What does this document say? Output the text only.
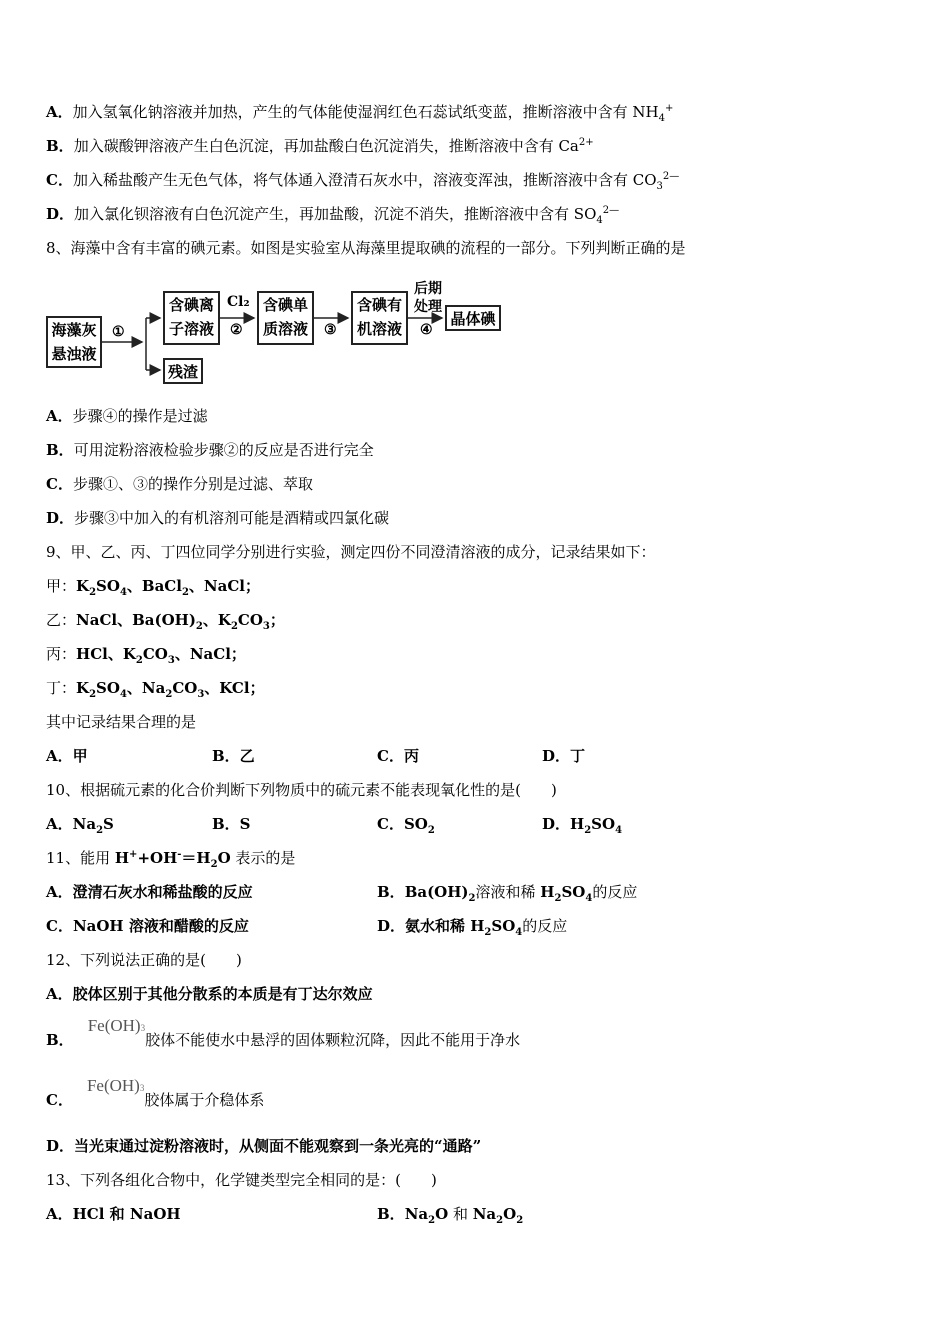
A．加入氢氧化钠溶液并加热，产生的气体能使湿润红色石蕊试纸变蓝，推断溶液中含有 $NH_4^+$
B．加入碳酸钾溶液产生白色沉淀，再加盐酸白色沉淀消失，推断溶液中含有 $Ca^{2+}$
C．加入稀盐酸产生无色气体，将气体通入澄清石灰水中，溶液变浑浊，推断溶液中含有 $CO_3^{2—}$
D．加入氯化钡溶液有白色沉淀产生，再加盐酸，沉淀不消失，推断溶液中含有 $SO_4^{2—}$
8、海藻中含有丰富的碘元素。如图是实验室从海藻里提取碘的流程的一部分。下列判断正确的是
海藻灰
悬浊液
①
含碘离
子溶液
残渣
Cl₂
②
含碘单
质溶液 ③
含碘有
机溶液
后期
处理
④
晶体碘
A．步骤④的操作是过滤
B．可用淀粉溶液检验步骤②的反应是否进行完全
C．步骤①、③的操作分别是过滤、萃取
D．步骤③中加入的有机溶剂可能是酒精或四氯化碳
9、甲、乙、丙、丁四位同学分别进行实验，测定四份不同澄清溶液的成分，记录结果如下：
甲：$K_2SO_4$、BaCl$_2$、NaCl；
乙：NaCl、$Ba(OH)_2$、$K_2CO_3$；
丙：HCl、$K_2CO_3$、NaCl；
丁：$K_2SO_4$、$Na_2CO_3$、KCl；
其中记录结果合理的是
A．甲	B．乙	C．丙	D．丁
10、根据硫元素的化合价判断下列物质中的硫元素不能表现氧化性的是(　　)
A．$Na_2S$	B．S	C．$SO_2$	D．$H_2SO_4$
11、能用 $H^++OH^-=H_2O$ 表示的是
A．澄清石灰水和稀盐酸的反应	B．$Ba(OH)_2$溶液和稀 $H_2SO_4$的反应
C．NaOH 溶液和醋酸的反应	D．氨水和稀 $H_2SO_4$的反应
12、下列说法正确的是(　　)
A．胶体区别于其他分散系的本质是有丁达尔效应
B．Fe(OH)3胶体不能使水中悬浮的固体颗粒沉降，因此不能用于净水
C．Fe(OH)3胶体属于介稳体系
D．当光束通过淀粉溶液时，从侧面不能观察到一条光亮的“通路”
13、下列各组化合物中，化学键类型完全相同的是：(　　)
A．HCl 和 NaOH	B．$Na_2O$ 和 $Na_2O_2$
